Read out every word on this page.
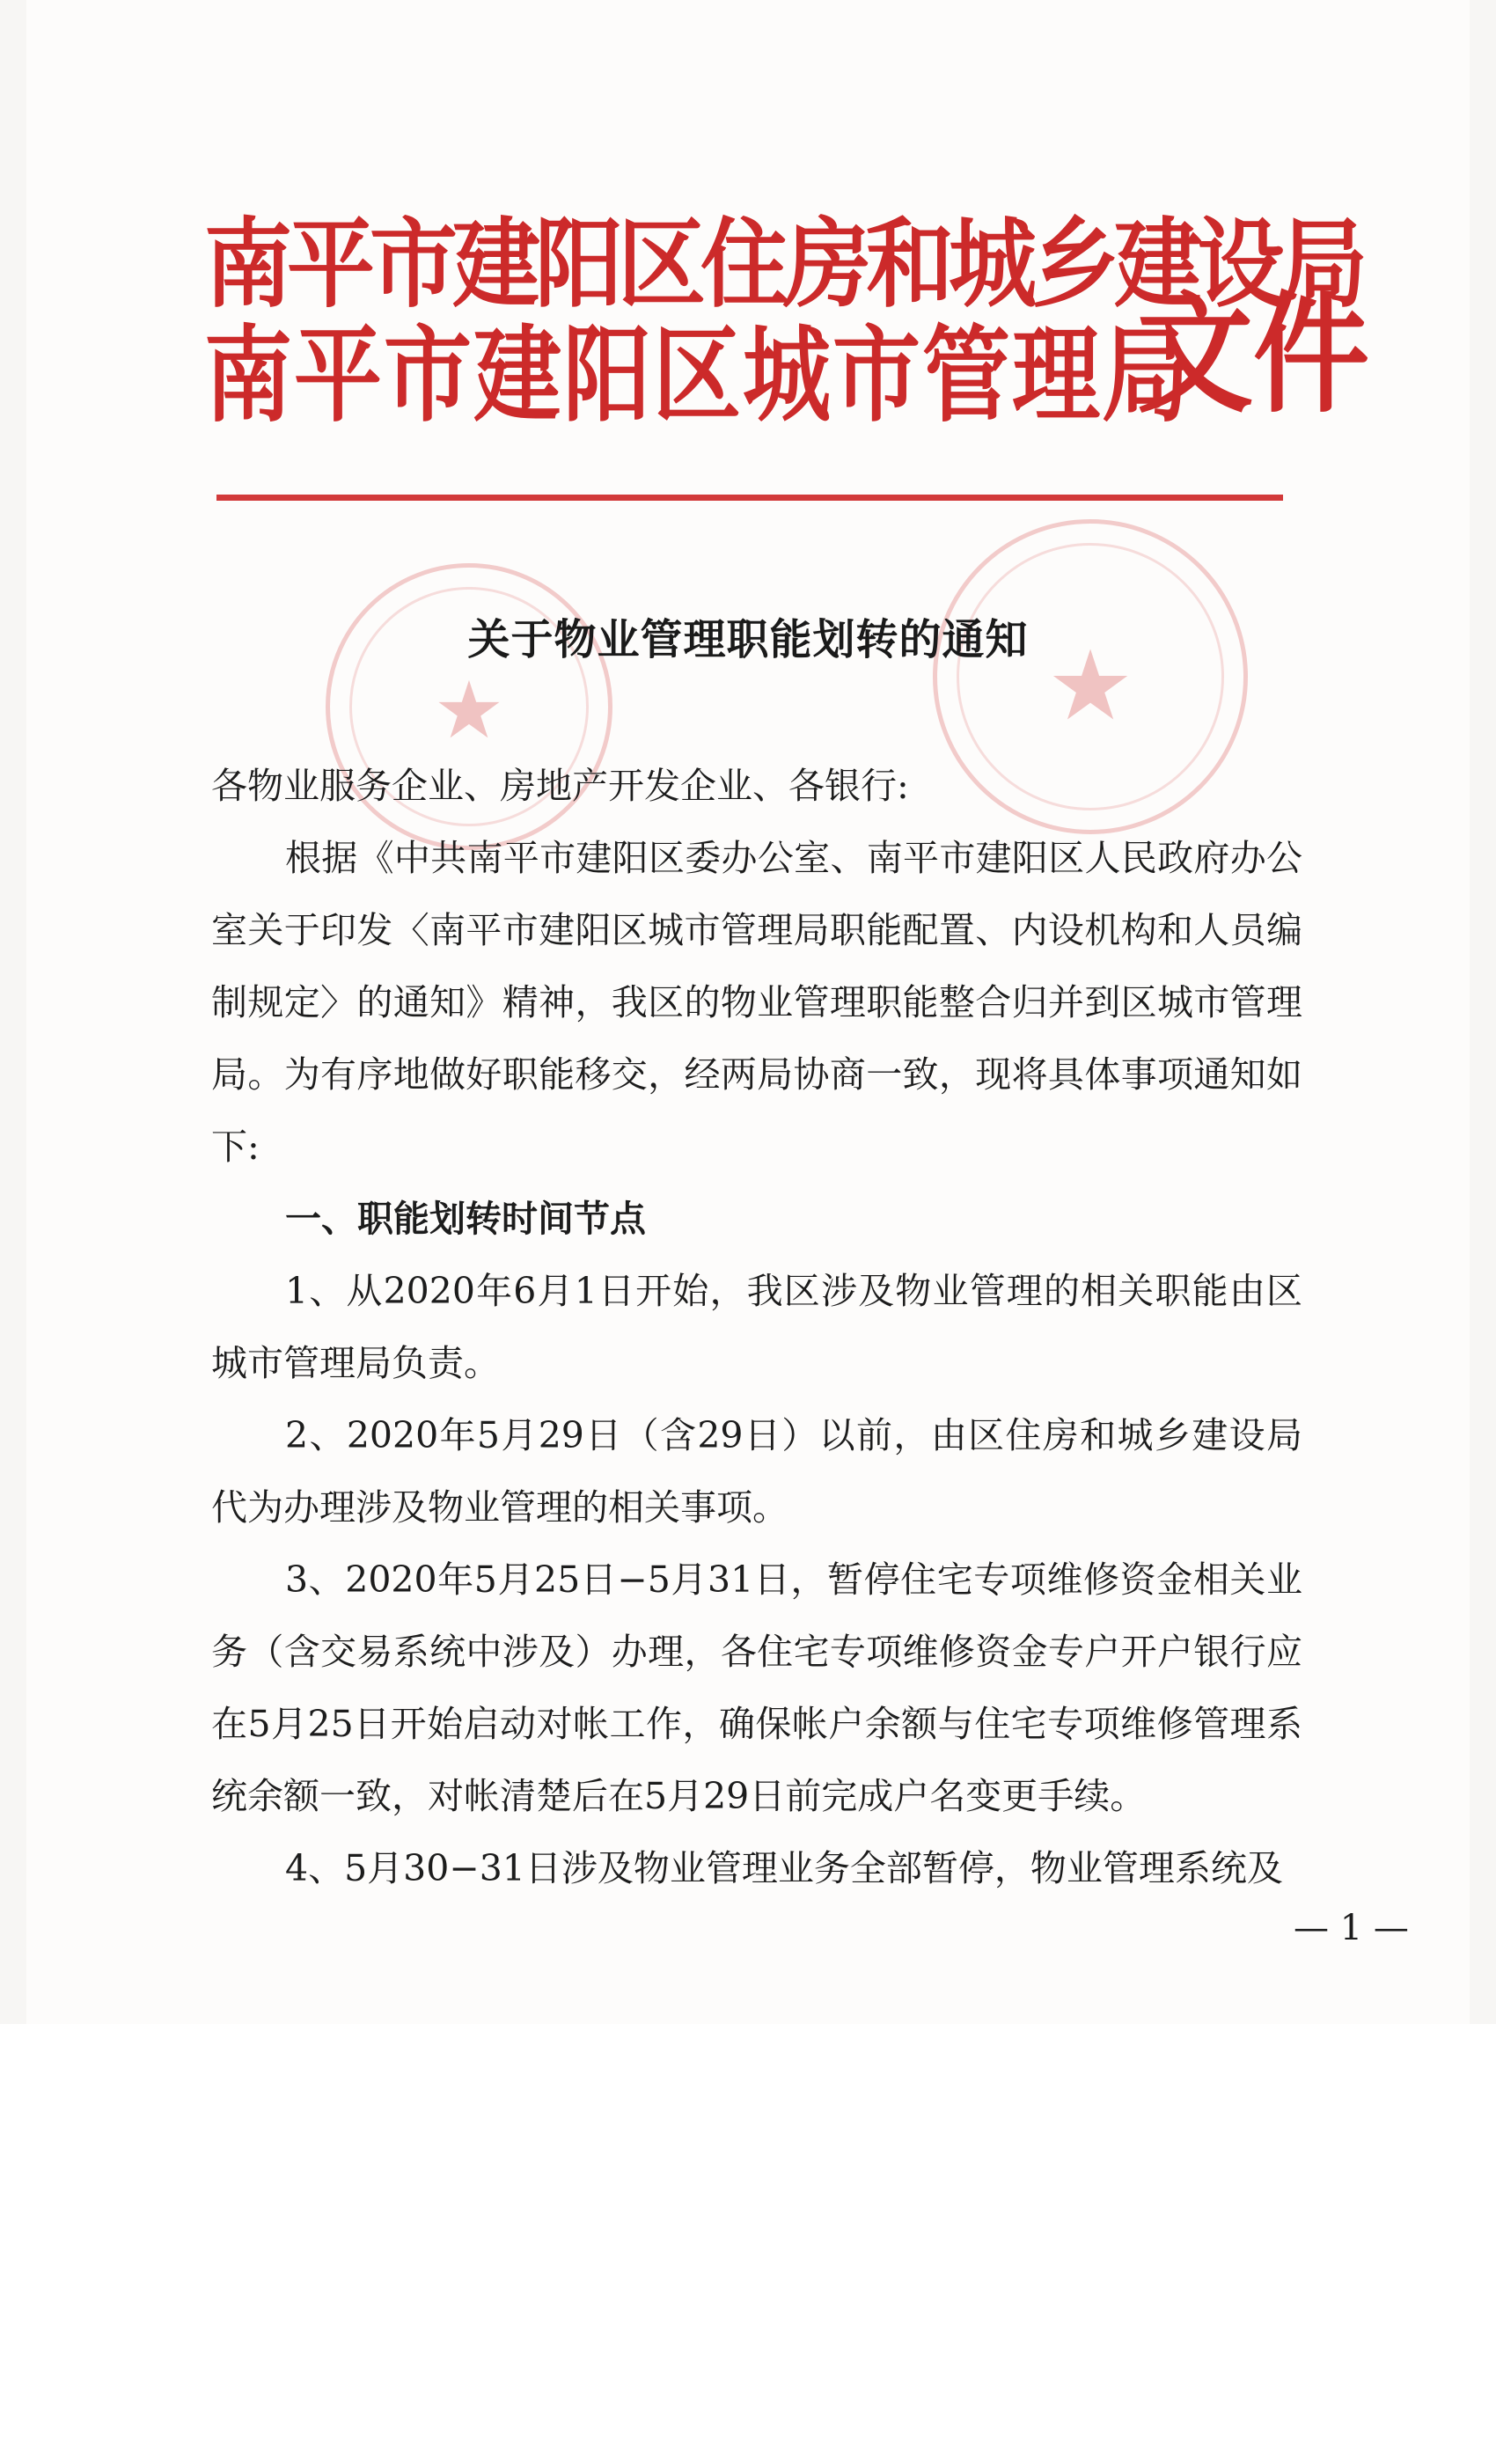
★	★
南平市建阳区住房和城乡建设局
南平市建阳区城市管理局
文件
关于物业管理职能划转的通知

各物业服务企业、房地产开发企业、各银行:

根据《中共南平市建阳区委办公室、南平市建阳区人民政府办公室关于印发〈南平市建阳区城市管理局职能配置、内设机构和人员编制规定〉的通知》精神，我区的物业管理职能整合归并到区城市管理局。为有序地做好职能移交，经两局协商一致，现将具体事项通知如下:

一、职能划转时间节点

1、从2020年6月1日开始，我区涉及物业管理的相关职能由区城市管理局负责。

2、2020年5月29日（含29日）以前，由区住房和城乡建设局代为办理涉及物业管理的相关事项。

3、2020年5月25日−5月31日，暂停住宅专项维修资金相关业务（含交易系统中涉及）办理，各住宅专项维修资金专户开户银行应在5月25日开始启动对帐工作，确保帐户余额与住宅专项维修管理系统余额一致，对帐清楚后在5月29日前完成户名变更手续。

4、5月30−31日涉及物业管理业务全部暂停，物业管理系统及

— 1 —
